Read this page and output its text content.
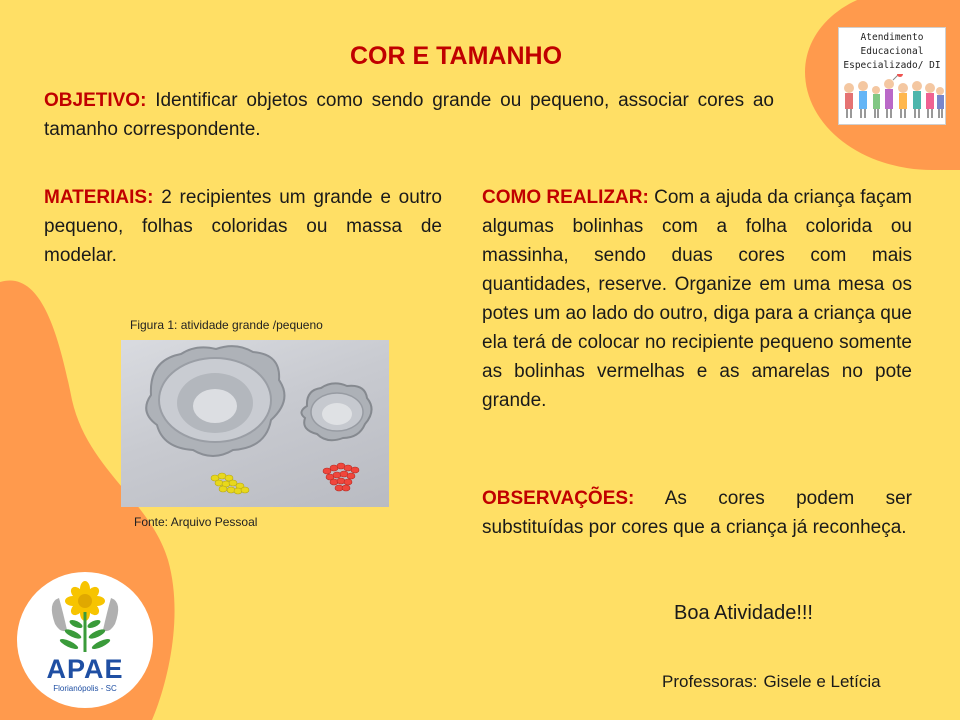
COR E TAMANHO
OBJETIVO: Identificar objetos como sendo grande ou pequeno, associar cores ao tamanho correspondente.
MATERIAIS: 2 recipientes um grande e outro pequeno, folhas coloridas ou massa de modelar.
COMO REALIZAR: Com a ajuda da criança façam algumas bolinhas com a folha colorida ou massinha, sendo duas cores com mais quantidades, reserve. Organize em uma mesa os potes um ao lado do outro, diga para a criança que ela terá de colocar no recipiente pequeno somente as bolinhas vermelhas e as amarelas no pote grande.
OBSERVAÇÕES: As cores podem ser substituídas por cores que a criança já reconheça.
Figura 1: atividade grande /pequeno
Fonte: Arquivo Pessoal
Boa Atividade!!!
Professoras: Gisele e Letícia
Atendimento
Educacional
Especializado/ DI
APAE
Florianópolis - SC
